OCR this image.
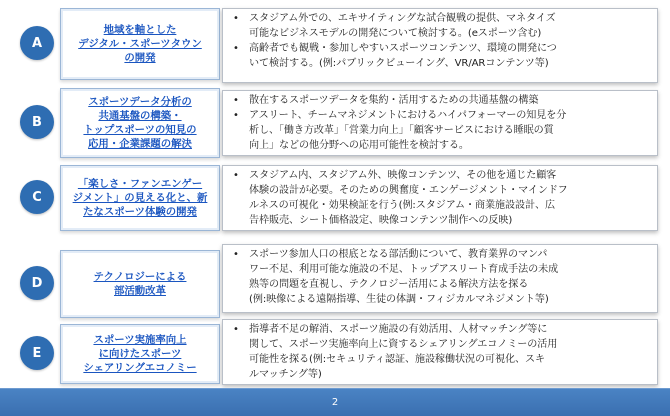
A
地域を軸とした
デジタル・スポーツタウン
の開発
• スタジアム外での、エキサイティングな試合観戦の提供、マネタイズ
可能なビジネスモデルの開発について検討する。(eスポーツ含む)
• 高齢者でも観戦・参加しやすいスポーツコンテンツ、環境の開発につ
いて検討する。(例:パブリックビューイング、VR/ARコンテンツ等)
B
スポーツデータ分析の
共通基盤の構築・
トップスポーツの知見の
応用・企業課題の解決
• 散在するスポーツデータを集約・活用するための共通基盤の構築
• アスリート、チームマネジメントにおけるハイパフォーマーの知見を分
析し、「働き方改革」「営業力向上」「顧客サービスにおける睡眠の質
向上」などの他分野への応用可能性を検討する。
C
「楽しさ・ファンエンゲー
ジメント」の見える化と、新
たなスポーツ体験の開発
• スタジアム内、スタジアム外、映像コンテンツ、その他を通じた顧客
体験の設計が必要。そのための興奮度・エンゲージメント・マインドフ
ルネスの可視化・効果検証を行う(例:スタジアム・商業施設設計、広
告枠販売、シート価格設定、映像コンテンツ制作への反映)
D	テクノロジーによる
部活動改革
• スポーツ参加人口の根底となる部活動について、教育業界のマンパ
ワー不足、利用可能な施設の不足、トップアスリート育成手法の未成
熟等の問題を直視し、テクノロジー活用による解決方法を探る
(例:映像による遠隔指導、生徒の体調・フィジカルマネジメント等)
E
スポーツ実施率向上
に向けたスポーツ
シェアリングエコノミー
• 指導者不足の解消、スポーツ施設の有効活用、人材マッチング等に
関して、スポーツ実施率向上に資するシェアリングエコノミーの活用
可能性を探る(例:セキュリティ認証、施設稼働状況の可視化、スキ
ルマッチング等)
2
